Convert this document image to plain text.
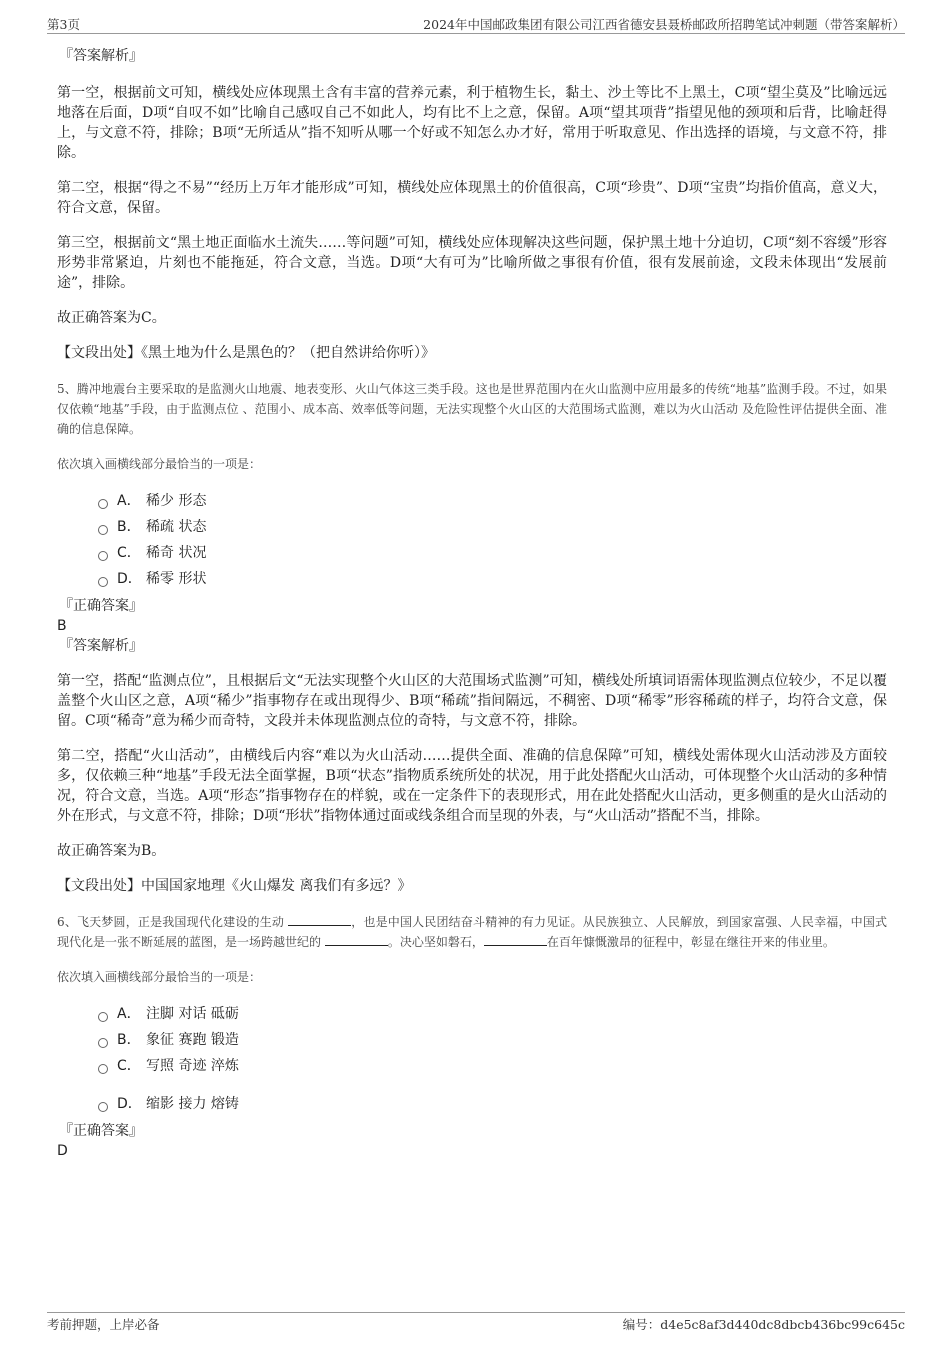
第3页	2024年中国邮政集团有限公司江西省德安县聂桥邮政所招聘笔试冲刺题（带答案解析）
『答案解析』

第一空，根据前文可知，横线处应体现黑土含有丰富的营养元素，利于植物生长，黏土、沙土等比不上黑土，C项“望尘莫及”比喻远远地落在后面，D项“自叹不如”比喻自己感叹自己不如此人，均有比不上之意，保留。A项“望其项背”指望见他的颈项和后背，比喻赶得上，与文意不符，排除；B项“无所适从”指不知听从哪一个好或不知怎么办才好，常用于听取意见、作出选择的语境，与文意不符，排除。

第二空，根据“得之不易”“经历上万年才能形成”可知，横线处应体现黑土的价值很高，C项“珍贵”、D项“宝贵”均指价值高，意义大，符合文意，保留。

第三空，根据前文“黑土地正面临水土流失……等问题”可知，横线处应体现解决这些问题，保护黑土地十分迫切，C项“刻不容缓”形容形势非常紧迫，片刻也不能拖延，符合文意，当选。D项“大有可为”比喻所做之事很有价值，很有发展前途，文段未体现出“发展前途”，排除。

故正确答案为C。

【文段出处】《黑土地为什么是黑色的？（把自然讲给你听）》

5、腾冲地震台主要采取的是监测火山地震、地表变形、火山气体这三类手段。这也是世界范围内在火山监测中应用最多的传统“地基”监测手段。不过，如果仅依赖“地基”手段，由于监测点位 、范围小、成本高、效率低等问题，无法实现整个火山区的大范围场式监测，难以为火山活动 及危险性评估提供全面、准确的信息保障。

依次填入画横线部分最恰当的一项是：

A． 稀少 形态
B． 稀疏 状态
C． 稀奇 状况
D． 稀零 形状
『正确答案』
B
『答案解析』

第一空，搭配“监测点位”，且根据后文“无法实现整个火山区的大范围场式监测”可知，横线处所填词语需体现监测点位较少，不足以覆盖整个火山区之意，A项“稀少”指事物存在或出现得少、B项“稀疏”指间隔远，不稠密、D项“稀零”形容稀疏的样子，均符合文意，保留。C项“稀奇”意为稀少而奇特，文段并未体现监测点位的奇特，与文意不符，排除。

第二空，搭配“火山活动”，由横线后内容“难以为火山活动……提供全面、准确的信息保障”可知，横线处需体现火山活动涉及方面较多，仅依赖三种“地基”手段无法全面掌握，B项“状态”指物质系统所处的状况，用于此处搭配火山活动，可体现整个火山活动的多种情况，符合文意，当选。A项“形态”指事物存在的样貌，或在一定条件下的表现形式，用在此处搭配火山活动，更多侧重的是火山活动的外在形式，与文意不符，排除；D项“形状”指物体通过面或线条组合而呈现的外表，与“火山活动”搭配不当，排除。

故正确答案为B。

【文段出处】中国国家地理《火山爆发 离我们有多远？》

6、飞天梦圆，正是我国现代化建设的生动	，也是中国人民团结奋斗精神的有力见证。从民族独立、人民解放，到国家富强、人民幸福，中国式现代化是一张不断延展的蓝图，是一场跨越世纪的	。决心坚如磐石，	在百年慷慨激昂的征程中，彰显在继往开来的伟业里。

依次填入画横线部分最恰当的一项是：

A． 注脚 对话 砥砺
B． 象征 赛跑 锻造
C． 写照 奇迹 淬炼
D． 缩影 接力 熔铸
『正确答案』
D
考前押题，上岸必备	编号：d4e5c8af3d440dc8dbcb436bc99c645c
